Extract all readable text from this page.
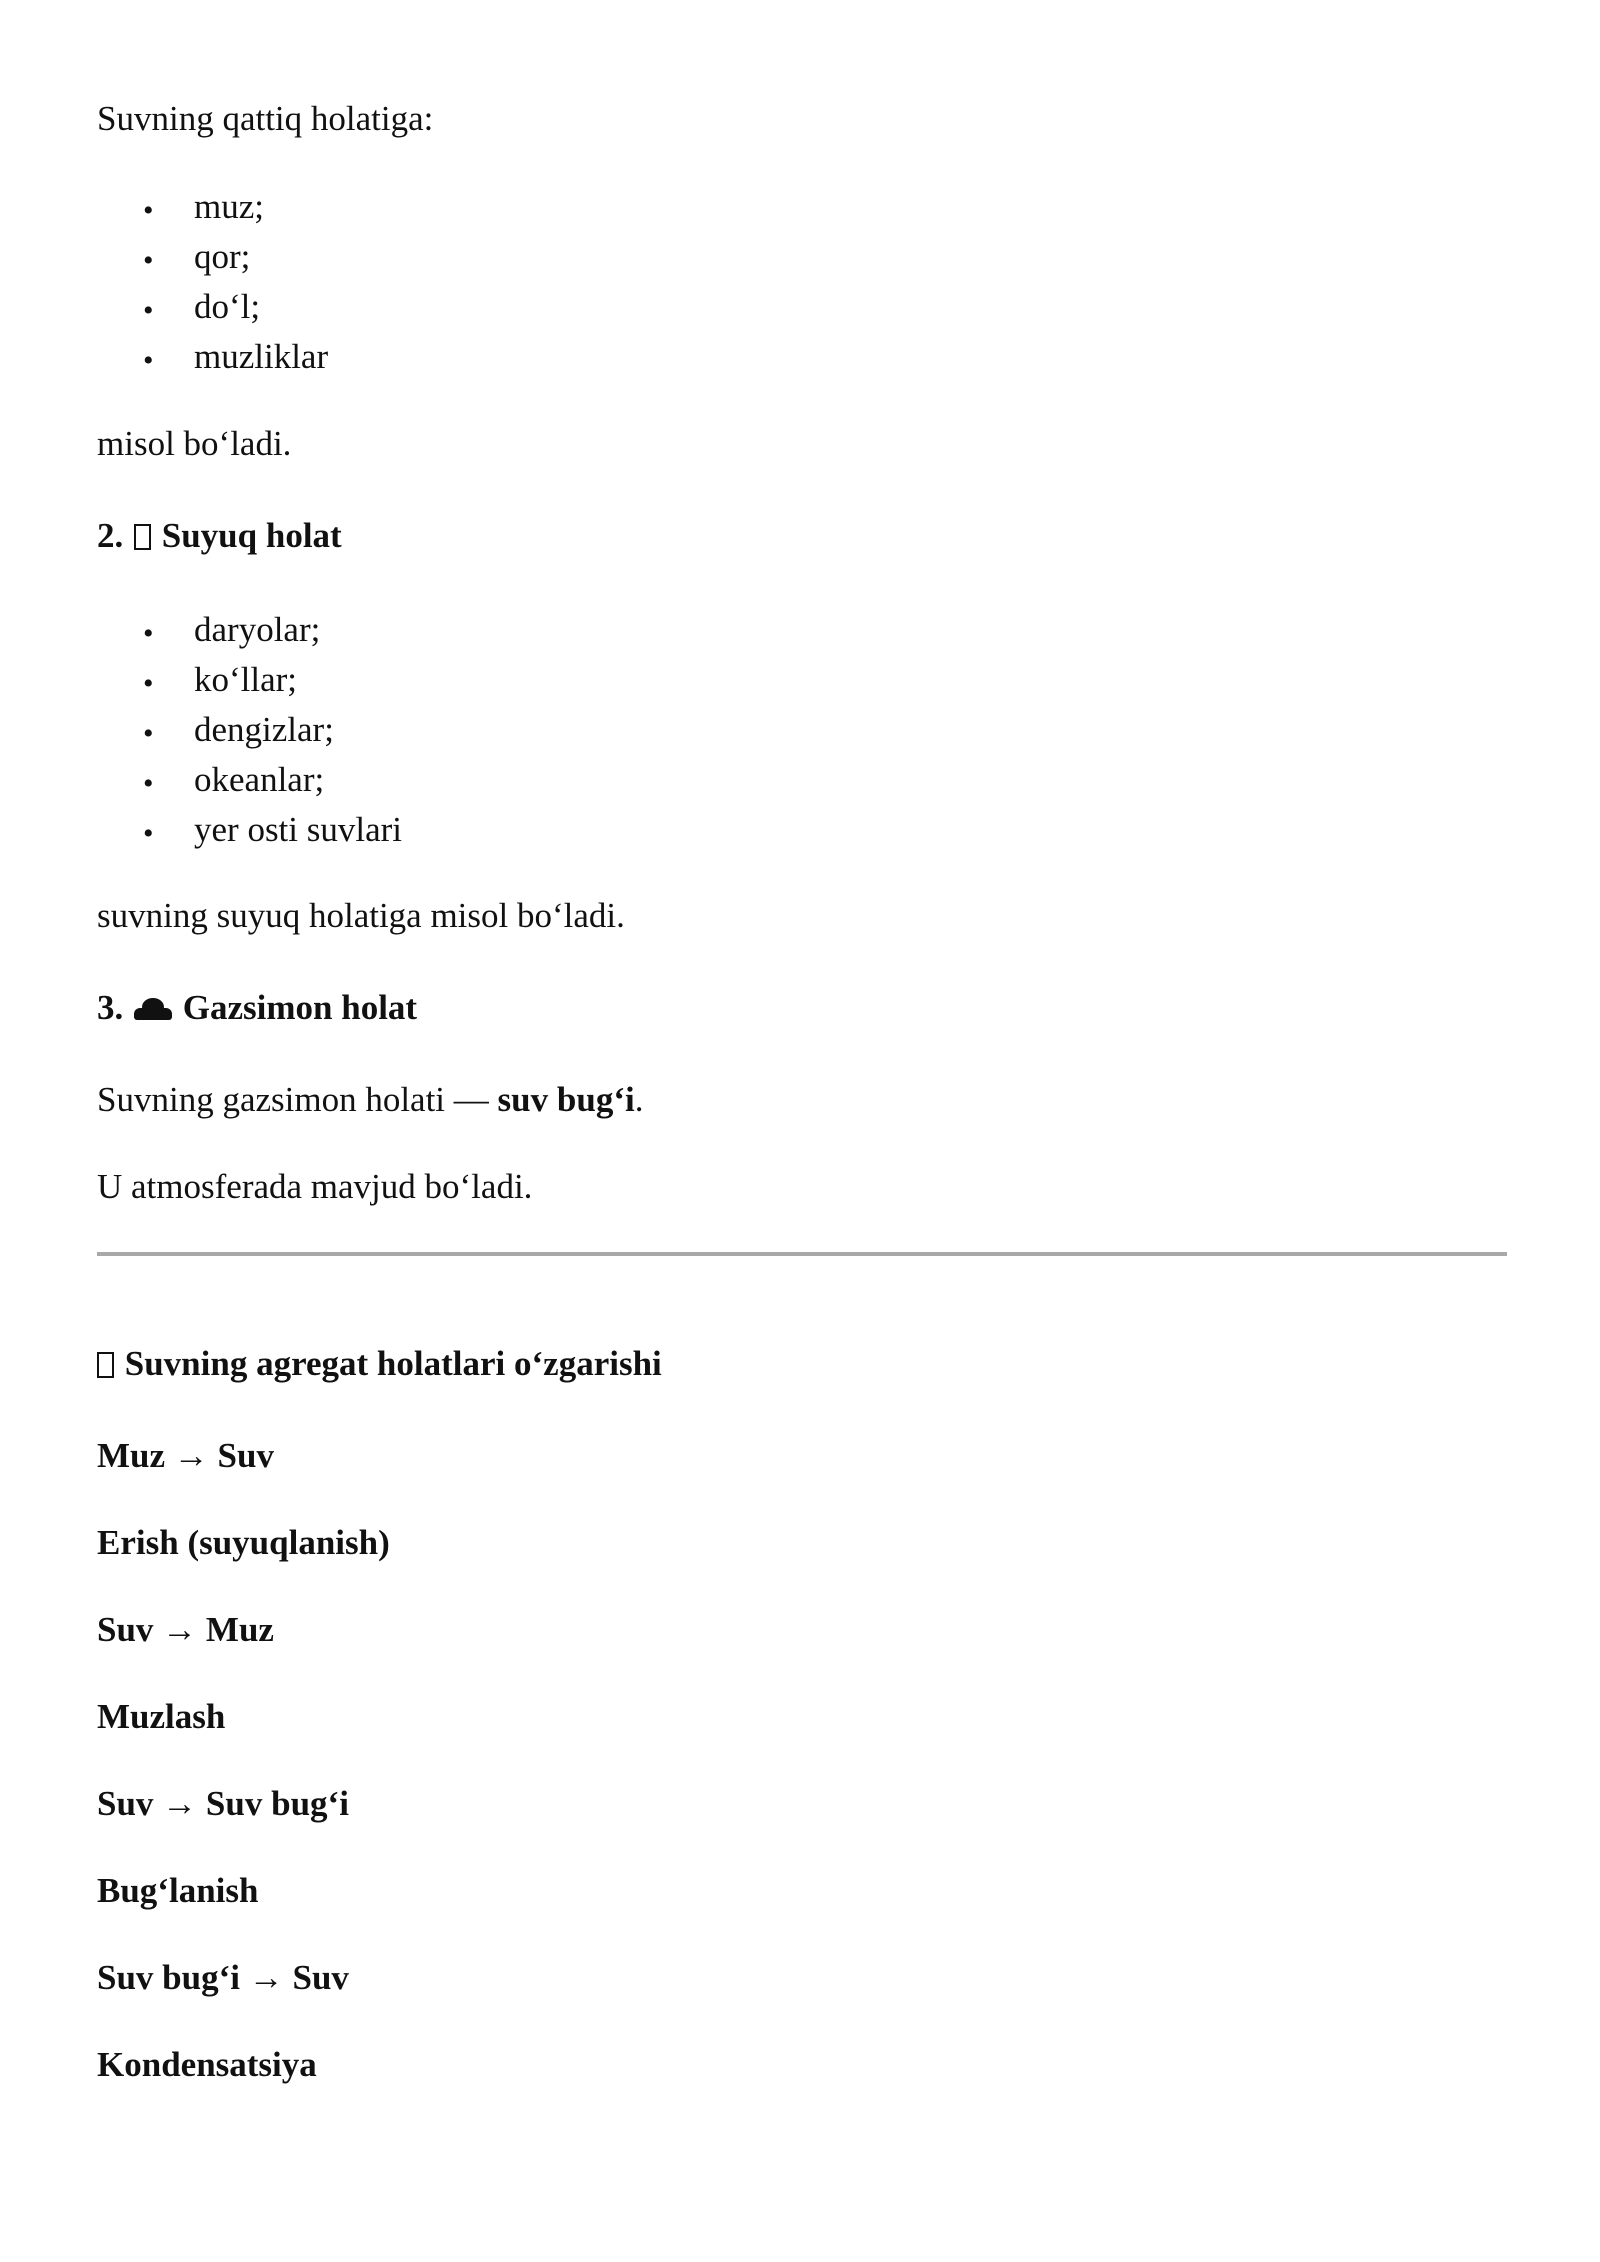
Suvning qattiq holatiga:
• muz;
• qor;
• do‘l;
• muzliklar
misol bo‘ladi.
2. Suyuq holat
• daryolar;
• ko‘llar;
• dengizlar;
• okeanlar;
• yer osti suvlari
suvning suyuq holatiga misol bo‘ladi.
3. Gazsimon holat
Suvning gazsimon holati — suv bug‘i.
U atmosferada mavjud bo‘ladi.
Suvning agregat holatlari o‘zgarishi
Muz → Suv
Erish (suyuqlanish)
Suv → Muz
Muzlash
Suv → Suv bug‘i
Bug‘lanish
Suv bug‘i → Suv
Kondensatsiya
